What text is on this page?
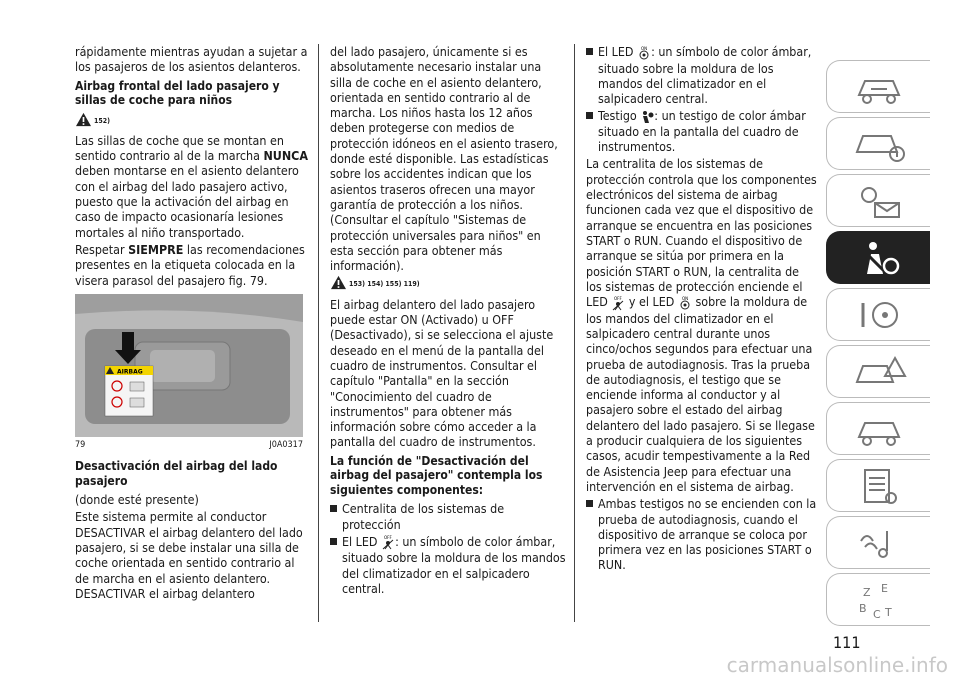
rápidamente mientras ayudan a sujetar a los pasajeros de los asientos delanteros.

Airbag frontal del lado pasajero y sillas de coche para niños
152)

Las sillas de coche que se montan en sentido contrario al de la marcha NUNCA deben montarse en el asiento delantero con el airbag del lado pasajero activo, puesto que la activación del airbag en caso de impacto ocasionaría lesiones mortales al niño transportado.

Respetar SIEMPRE las recomendaciones presentes en la etiqueta colocada en la visera parasol del pasajero fig. 79.

AIRBAG
79	J0A0317
Desactivación del airbag del lado pasajero

(donde esté presente)

Este sistema permite al conductor DESACTIVAR el airbag delantero del lado pasajero, si se debe instalar una silla de coche orientada en sentido contrario al de marcha en el asiento delantero. DESACTIVAR el airbag delantero

del lado pasajero, únicamente si es absolutamente necesario instalar una silla de coche en el asiento delantero, orientada en sentido contrario al de marcha. Los niños hasta los 12 años deben protegerse con medios de protección idóneos en el asiento trasero, donde esté disponible. Las estadísticas sobre los accidentes indican que los asientos traseros ofrecen una mayor garantía de protección a los niños. (Consultar el capítulo "Sistemas de protección universales para niños" en esta sección para obtener más información).

153) 154) 155) 119)

El airbag delantero del lado pasajero puede estar ON (Activado) u OFF (Desactivado), si se selecciona el ajuste deseado en el menú de la pantalla del cuadro de instrumentos. Consultar el capítulo "Pantalla" en la sección "Conocimiento del cuadro de instrumentos" para obtener más información sobre cómo acceder a la pantalla del cuadro de instrumentos.

La función de "Desactivación del airbag del pasajero" contempla los siguientes componentes:

Centralita de los sistemas de protección

El LED OFF : un símbolo de color ámbar, situado sobre la moldura de los mandos del climatizador en el salpicadero central.

El LED ON : un símbolo de color ámbar, situado sobre la moldura de los mandos del climatizador en el salpicadero central.

Testigo : un testigo de color ámbar situado en la pantalla del cuadro de instrumentos.

La centralita de los sistemas de protección controla que los componentes electrónicos del sistema de airbag funcionen cada vez que el dispositivo de arranque se encuentra en las posiciones START o RUN. Cuando el dispositivo de arranque se sitúa por primera en la posición START o RUN, la centralita de los sistemas de protección enciende el LED OFF y el LED ON sobre la moldura de los mandos del climatizador en el salpicadero central durante unos cinco/ochos segundos para efectuar una prueba de autodiagnosis. Tras la prueba de autodiagnosis, el testigo que se enciende informa al conductor y al pasajero sobre el estado del airbag delantero del lado pasajero. Si se llegase a producir cualquiera de los siguientes casos, acudir tempestivamente a la Red de Asistencia Jeep para efectuar una intervención en el sistema de airbag.

Ambas testigos no se encienden con la prueba de autodiagnosis, cuando el dispositivo de arranque se coloca por primera vez en las posiciones START o RUN.

Z E
B C T
111
carmanualsonline.info
